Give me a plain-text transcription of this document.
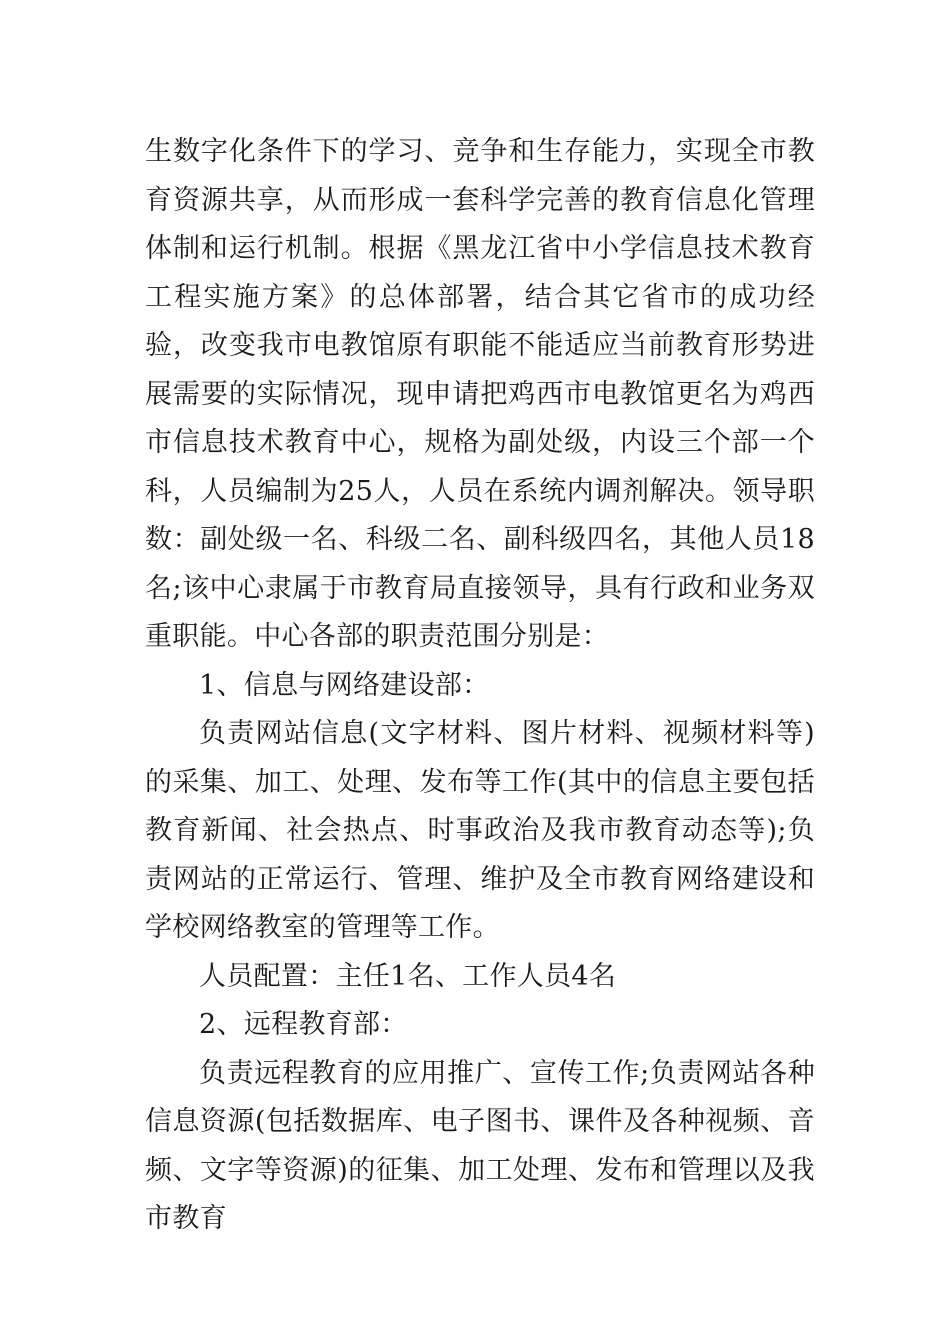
生数字化条件下的学习、竞争和生存能力，实现全市教育资源共享，从而形成一套科学完善的教育信息化管理体制和运行机制。根据《黑龙江省中小学信息技术教育工程实施方案》的总体部署，结合其它省市的成功经验，改变我市电教馆原有职能不能适应当前教育形势进展需要的实际情况，现申请把鸡西市电教馆更名为鸡西市信息技术教育中心，规格为副处级，内设三个部一个科，人员编制为25人，人员在系统内调剂解决。领导职数：副处级一名、科级二名、副科级四名，其他人员18名;该中心隶属于市教育局直接领导，具有行政和业务双重职能。中心各部的职责范围分别是：

1、信息与网络建设部：

负责网站信息(文字材料、图片材料、视频材料等)的采集、加工、处理、发布等工作(其中的信息主要包括教育新闻、社会热点、时事政治及我市教育动态等);负责网站的正常运行、管理、维护及全市教育网络建设和学校网络教室的管理等工作。

人员配置：主任1名、工作人员4名

2、远程教育部：

负责远程教育的应用推广、宣传工作;负责网站各种信息资源(包括数据库、电子图书、课件及各种视频、音频、文字等资源)的征集、加工处理、发布和管理以及我市教育
